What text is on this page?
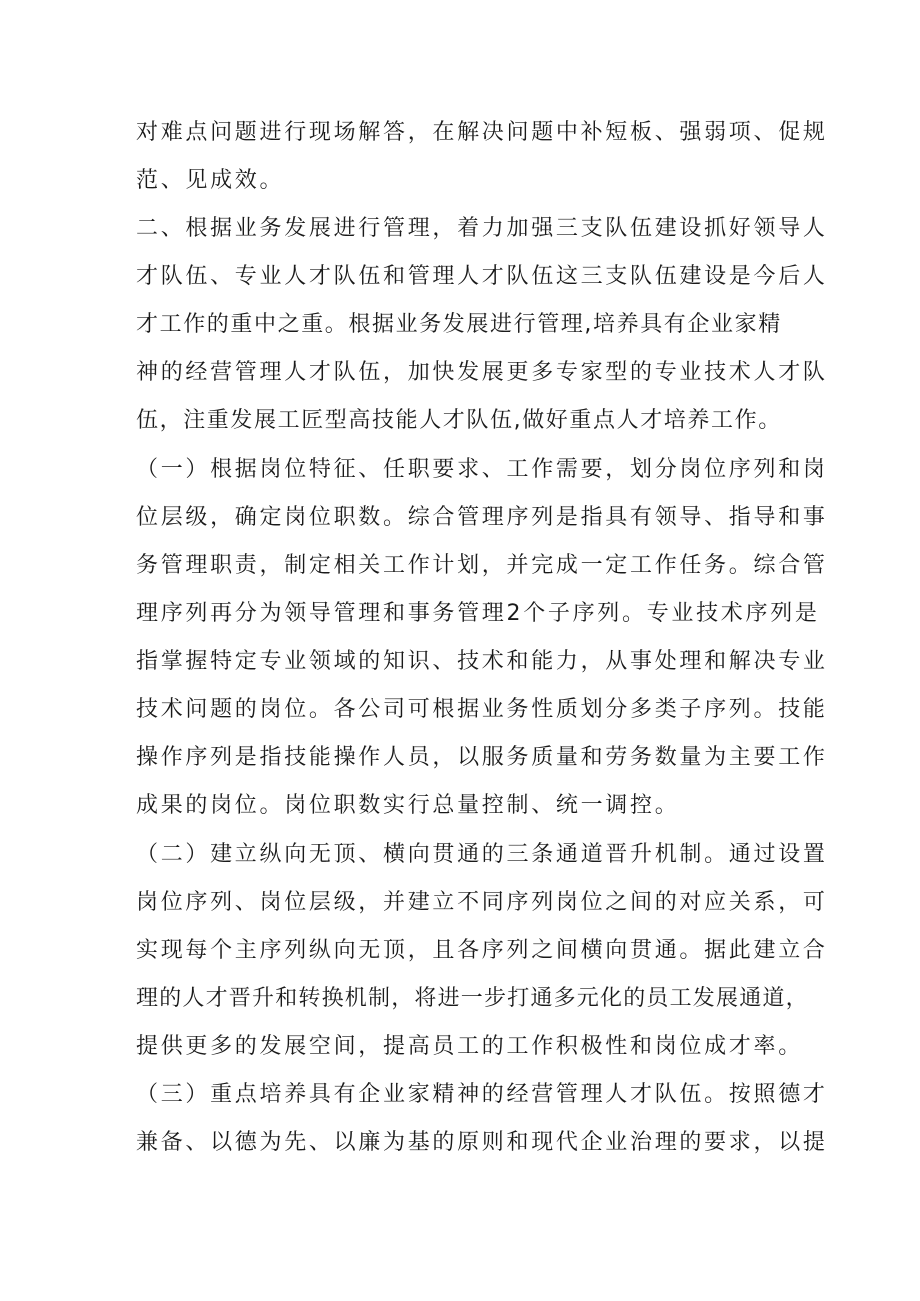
对难点问题进行现场解答，在解决问题中补短板、强弱项、促规

范、见成效。

二、根据业务发展进行管理，着力加强三支队伍建设抓好领导人

才队伍、专业人才队伍和管理人才队伍这三支队伍建设是今后人

才工作的重中之重。根据业务发展进行管理,培养具有企业家精

神的经营管理人才队伍，加快发展更多专家型的专业技术人才队

伍，注重发展工匠型高技能人才队伍,做好重点人才培养工作。

（一）根据岗位特征、任职要求、工作需要，划分岗位序列和岗

位层级，确定岗位职数。综合管理序列是指具有领导、指导和事

务管理职责，制定相关工作计划，并完成一定工作任务。综合管

理序列再分为领导管理和事务管理2个子序列。专业技术序列是

指掌握特定专业领域的知识、技术和能力，从事处理和解决专业

技术问题的岗位。各公司可根据业务性质划分多类子序列。技能

操作序列是指技能操作人员，以服务质量和劳务数量为主要工作

成果的岗位。岗位职数实行总量控制、统一调控。

（二）建立纵向无顶、横向贯通的三条通道晋升机制。通过设置

岗位序列、岗位层级，并建立不同序列岗位之间的对应关系，可

实现每个主序列纵向无顶，且各序列之间横向贯通。据此建立合

理的人才晋升和转换机制，将进一步打通多元化的员工发展通道，

提供更多的发展空间，提高员工的工作积极性和岗位成才率。

（三）重点培养具有企业家精神的经营管理人才队伍。按照德才

兼备、以德为先、以廉为基的原则和现代企业治理的要求，以提
